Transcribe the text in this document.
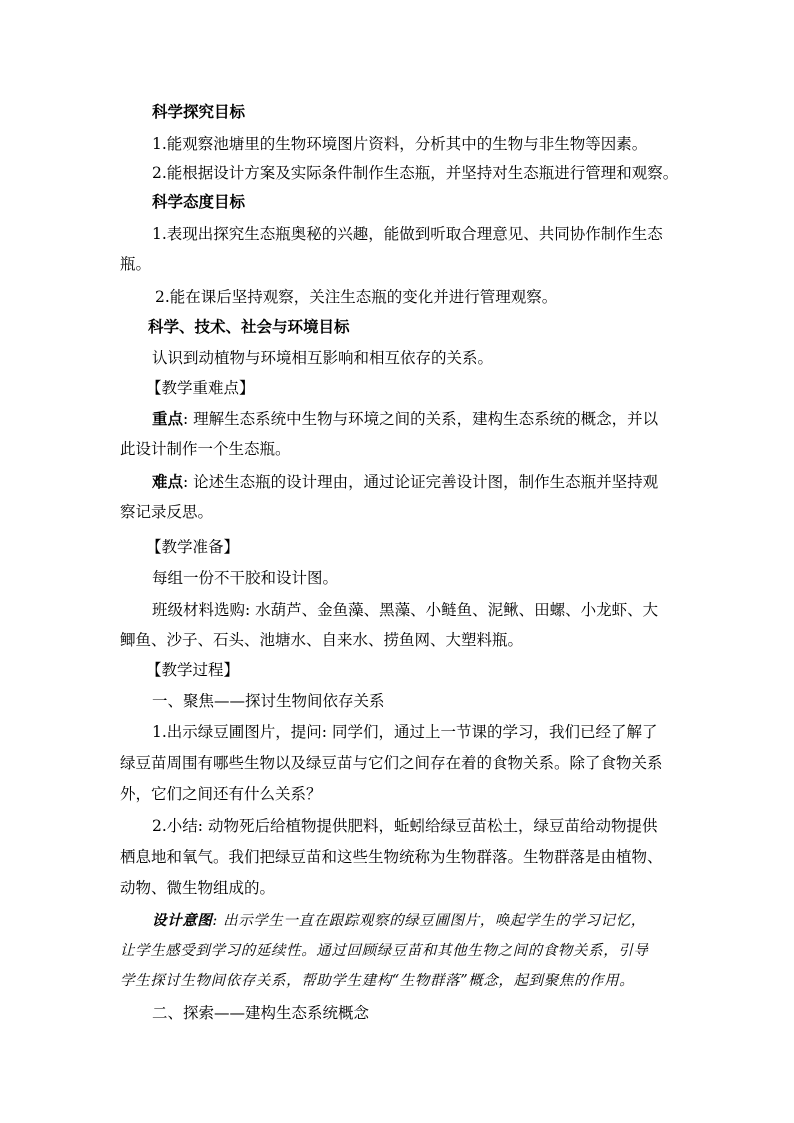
科学探究目标
1.能观察池塘里的生物环境图片资料，分析其中的生物与非生物等因素。
2.能根据设计方案及实际条件制作生态瓶，并坚持对生态瓶进行管理和观察。
科学态度目标
1.表现出探究生态瓶奥秘的兴趣，能做到听取合理意见、共同协作制作生态
瓶。
2.能在课后坚持观察，关注生态瓶的变化并进行管理观察。
科学、技术、社会与环境目标
认识到动植物与环境相互影响和相互依存的关系。
【教学重难点】
重点: 理解生态系统中生物与环境之间的关系，建构生态系统的概念，并以
此设计制作一个生态瓶。
难点: 论述生态瓶的设计理由，通过论证完善设计图，制作生态瓶并坚持观
察记录反思。
【教学准备】
每组一份不干胶和设计图。
班级材料选购: 水葫芦、金鱼藻、黑藻、小鲢鱼、泥鳅、田螺、小龙虾、大
鲫鱼、沙子、石头、池塘水、自来水、捞鱼网、大塑料瓶。
【教学过程】
一、聚焦——探讨生物间依存关系
1.出示绿豆圃图片，提问: 同学们，通过上一节课的学习，我们已经了解了
绿豆苗周围有哪些生物以及绿豆苗与它们之间存在着的食物关系。除了食物关系
外，它们之间还有什么关系？
2.小结: 动物死后给植物提供肥料，蚯蚓给绿豆苗松土，绿豆苗给动物提供
栖息地和氧气。我们把绿豆苗和这些生物统称为生物群落。生物群落是由植物、
动物、微生物组成的。
设计意图: 出示学生一直在跟踪观察的绿豆圃图片，唤起学生的学习记忆，
让学生感受到学习的延续性。通过回顾绿豆苗和其他生物之间的食物关系，引导
学生探讨生物间依存关系，帮助学生建构“生物群落”概念，起到聚焦的作用。
二、探索——建构生态系统概念
